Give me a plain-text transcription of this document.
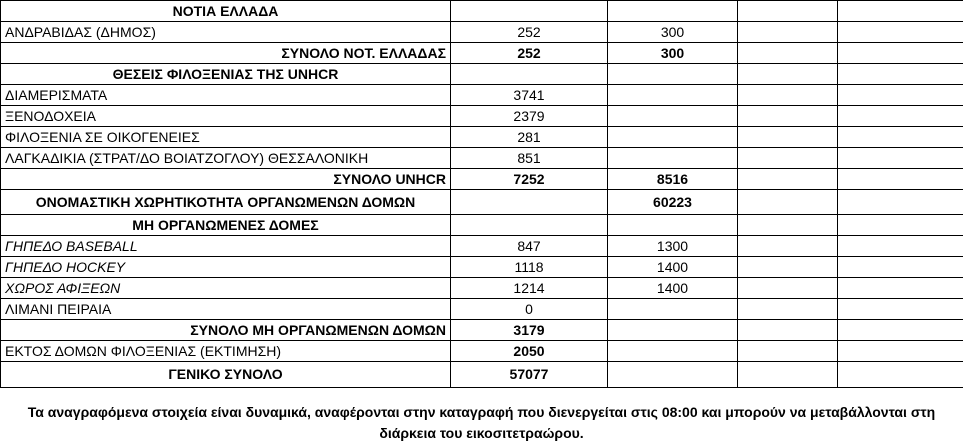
ΝΟΤΙΑ ΕΛΛΑΔΑ				
ΑΝΔΡΑΒΙΔΑΣ (ΔΗΜΟΣ)	252	300		
ΣΥΝΟΛΟ ΝΟΤ. ΕΛΛΑΔΑΣ	252	300		
ΘΕΣΕΙΣ ΦΙΛΟΞΕΝΙΑΣ ΤΗΣ UNHCR				
ΔΙΑΜΕΡΙΣΜΑΤΑ	3741			
ΞΕΝΟΔΟΧΕΙΑ	2379			
ΦΙΛΟΞΕΝΙΑ ΣΕ ΟΙΚΟΓΕΝΕΙΕΣ	281			
ΛΑΓΚΑΔΙΚΙΑ (ΣΤΡΑΤ/ΔΟ ΒΟΙΑΤΖΟΓΛΟΥ) ΘΕΣΣΑΛΟΝΙΚΗ	851			
ΣΥΝΟΛΟ UNHCR	7252	8516		
ΟΝΟΜΑΣΤΙΚΗ ΧΩΡΗΤΙΚΟΤΗΤΑ ΟΡΓΑΝΩΜΕΝΩΝ ΔΟΜΩΝ		60223		
ΜΗ ΟΡΓΑΝΩΜΕΝΕΣ ΔΟΜΕΣ				
ΓΗΠΕΔΟ BASEBALL	847	1300		
ΓΗΠΕΔΟ HOCKEY	1118	1400		
ΧΩΡΟΣ ΑΦΙΞΕΩΝ	1214	1400		
ΛΙΜΑΝΙ ΠΕΙΡΑΙΑ	0			
ΣΥΝΟΛΟ ΜΗ ΟΡΓΑΝΩΜΕΝΩΝ ΔΟΜΩΝ	3179			
ΕΚΤΟΣ ΔΟΜΩΝ ΦΙΛΟΞΕΝΙΑΣ (ΕΚΤΙΜΗΣΗ)	2050			
ΓΕΝΙΚΟ ΣΥΝΟΛΟ	57077			
Τα αναγραφόμενα στοιχεία είναι δυναμικά, αναφέρονται στην καταγραφή που διενεργείται στις 08:00 και μπορούν να μεταβάλλονται στη διάρκεια του εικοσιτετραώρου.
